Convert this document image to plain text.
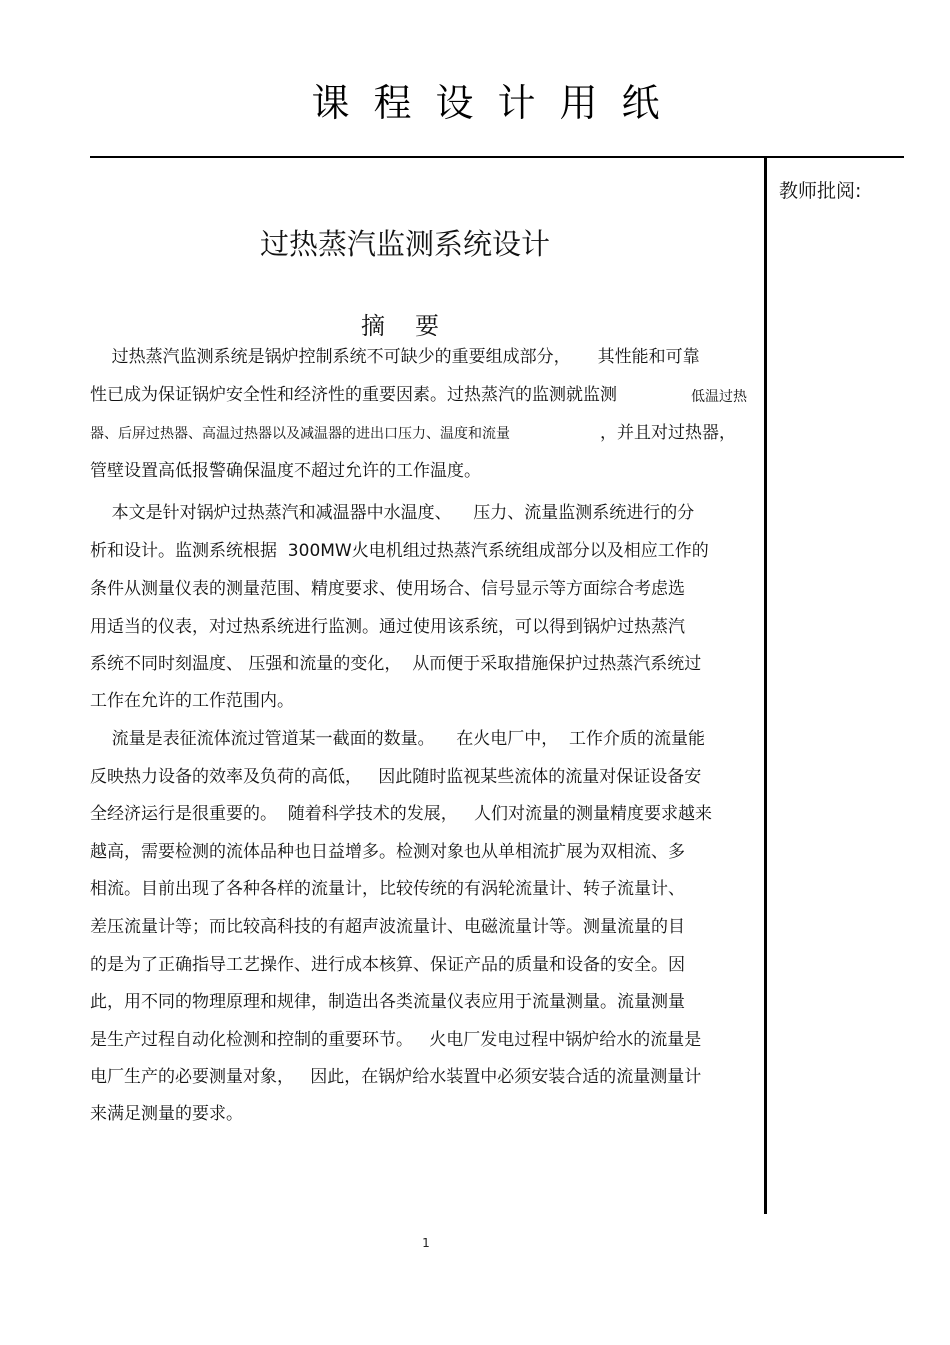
课程设计用纸
教师批阅:
过热蒸汽监测系统设计
摘要
过热蒸汽监测系统是锅炉控制系统不可缺少的重要组成部分，     其性能和可靠
性已成为保证锅炉安全性和经济性的重要因素。过热蒸汽的监测就监测	低温过热
器、后屏过热器、高温过热器以及减温器的进出口压力、温度和流量	，并且对过热器，
管壁设置高低报警确保温度不超过允许的工作温度。
本文是针对锅炉过热蒸汽和减温器中水温度、    压力、流量监测系统进行的分
析和设计。监测系统根据  300MW火电机组过热蒸汽系统组成部分以及相应工作的
条件从测量仪表的测量范围、精度要求、使用场合、信号显示等方面综合考虑选
用适当的仪表，对过热系统进行监测。通过使用该系统，可以得到锅炉过热蒸汽
系统不同时刻温度、 压强和流量的变化，  从而便于采取措施保护过热蒸汽系统过
工作在允许的工作范围内。
流量是表征流体流过管道某一截面的数量。    在火电厂中，  工作介质的流量能
反映热力设备的效率及负荷的高低，   因此随时监视某些流体的流量对保证设备安
全经济运行是很重要的。  随着科学技术的发展，   人们对流量的测量精度要求越来
越高，需要检测的流体品种也日益增多。检测对象也从单相流扩展为双相流、多
相流。目前出现了各种各样的流量计，比较传统的有涡轮流量计、转子流量计、
差压流量计等；而比较高科技的有超声波流量计、电磁流量计等。测量流量的目
的是为了正确指导工艺操作、进行成本核算、保证产品的质量和设备的安全。因
此，用不同的物理原理和规律，制造出各类流量仪表应用于流量测量。流量测量
是生产过程自动化检测和控制的重要环节。   火电厂发电过程中锅炉给水的流量是
电厂生产的必要测量对象，   因此，在锅炉给水装置中必须安装合适的流量测量计
来满足测量的要求。
1
